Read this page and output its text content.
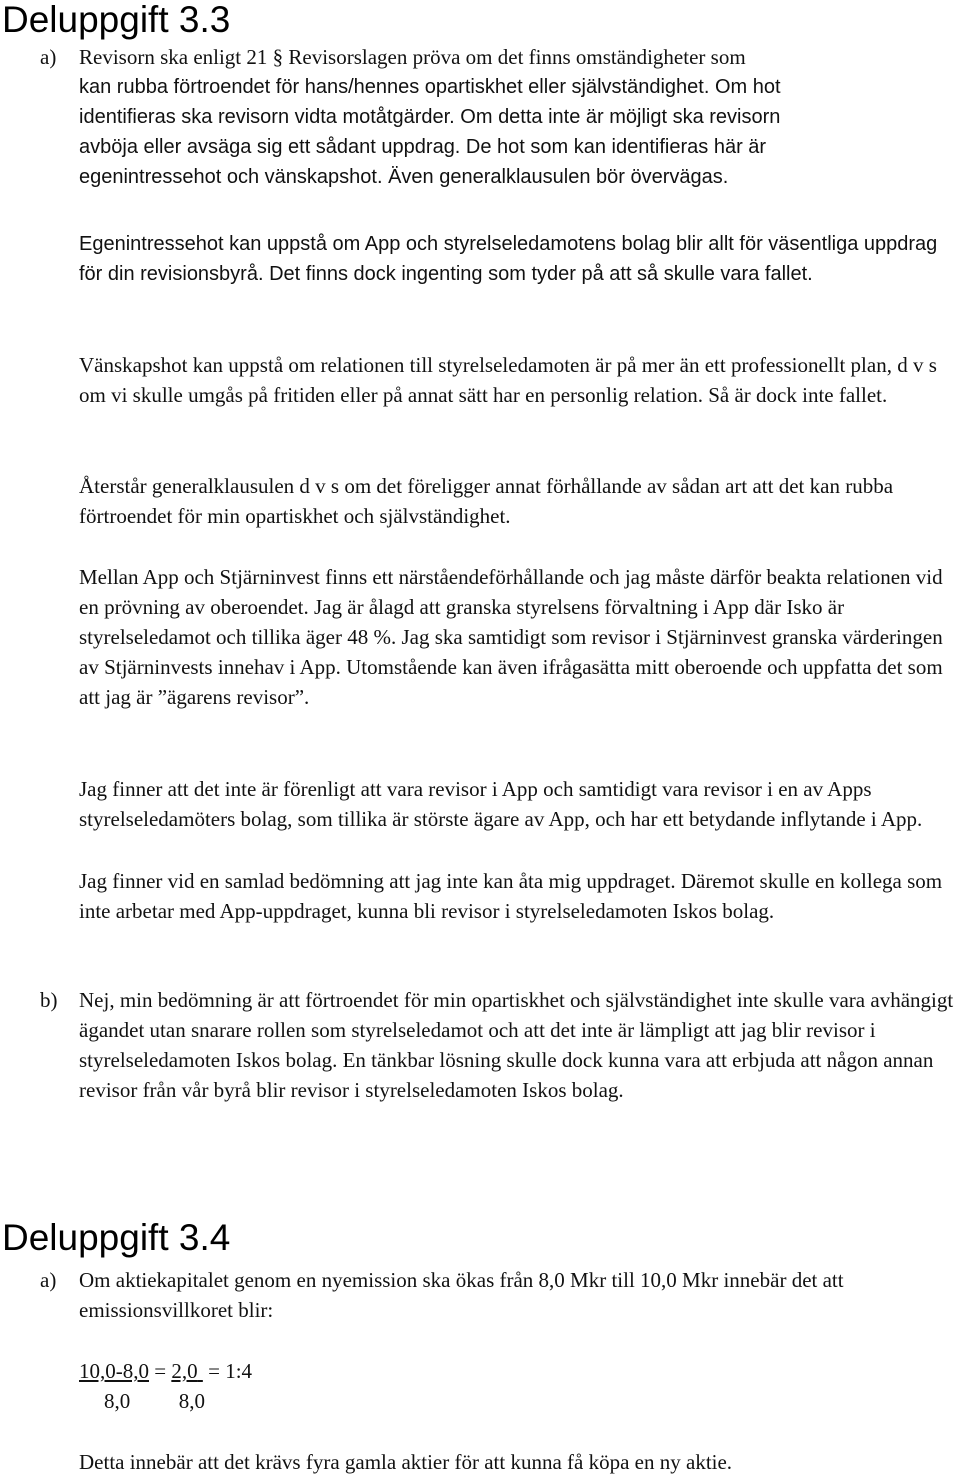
Deluppgift 3.3
a) Revisorn ska enligt 21 § Revisorslagen pröva om det finns omständigheter som
kan rubba förtroendet för hans/hennes opartiskhet eller självständighet. Om hot
identifieras ska revisorn vidta motåtgärder. Om detta inte är möjligt ska revisorn
avböja eller avsäga sig ett sådant uppdrag. De hot som kan identifieras här är
egenintressehot och vänskapshot. Även generalklausulen bör övervägas.

Egenintressehot kan uppstå om App och styrelseledamotens bolag blir allt för väsentliga uppdrag för din revisionsbyrå. Det finns dock ingenting som tyder på att så skulle vara fallet.

Vänskapshot kan uppstå om relationen till styrelseledamoten är på mer än ett professionellt plan, d v s om vi skulle umgås på fritiden eller på annat sätt har en personlig relation. Så är dock inte fallet.

Återstår generalklausulen d v s om det föreligger annat förhållande av sådan art att det kan rubba förtroendet för min opartiskhet och självständighet.

Mellan App och Stjärninvest finns ett närståendeförhållande och jag måste därför beakta relationen vid en prövning av oberoendet. Jag är ålagd att granska styrelsens förvaltning i App där Isko är styrelseledamot och tillika äger 48 %. Jag ska samtidigt som revisor i Stjärninvest granska värderingen av Stjärninvests innehav i App. Utomstående kan även ifrågasätta mitt oberoende och uppfatta det som att jag är ”ägarens revisor”.

Jag finner att det inte är förenligt att vara revisor i App och samtidigt vara revisor i en av Apps styrelseledamöters bolag, som tillika är störste ägare av App, och har ett betydande inflytande i App.

Jag finner vid en samlad bedömning att jag inte kan åta mig uppdraget. Däremot skulle en kollega som inte arbetar med App-uppdraget, kunna bli revisor i styrelseledamoten Iskos bolag.

b) Nej, min bedömning är att förtroendet för min opartiskhet och självständighet inte skulle vara avhängigt ägandet utan snarare rollen som styrelseledamot och att det inte är lämpligt att jag blir revisor i styrelseledamoten Iskos bolag. En tänkbar lösning skulle dock kunna vara att erbjuda att någon annan revisor från vår byrå blir revisor i styrelseledamoten Iskos bolag.

Deluppgift 3.4
a) Om aktiekapitalet genom en nyemission ska ökas från 8,0 Mkr till 10,0 Mkr innebär det att emissionsvillkoret blir:

10,0-8,0 = 2,0 = 1:4
8,0 8,0

Detta innebär att det krävs fyra gamla aktier för att kunna få köpa en ny aktie.
